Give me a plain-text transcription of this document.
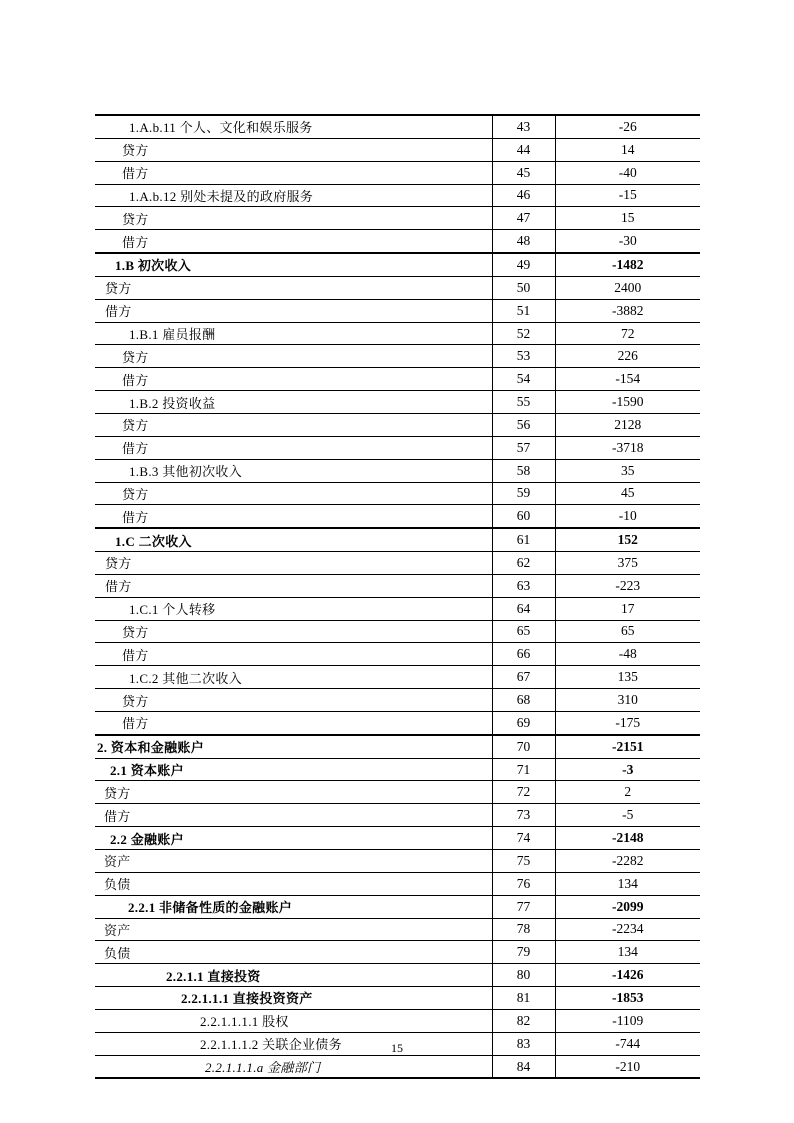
1.A.b.11 个人、文化和娱乐服务	43	-26
贷方	44	14
借方	45	-40
1.A.b.12 别处未提及的政府服务	46	-15
贷方	47	15
借方	48	-30
1.B 初次收入	49	-1482
贷方	50	2400
借方	51	-3882
1.B.1 雇员报酬	52	72
贷方	53	226
借方	54	-154
1.B.2 投资收益	55	-1590
贷方	56	2128
借方	57	-3718
1.B.3 其他初次收入	58	35
贷方	59	45
借方	60	-10
1.C 二次收入	61	152
贷方	62	375
借方	63	-223
1.C.1 个人转移	64	17
贷方	65	65
借方	66	-48
1.C.2 其他二次收入	67	135
贷方	68	310
借方	69	-175
2. 资本和金融账户	70	-2151
2.1 资本账户	71	-3
贷方	72	2
借方	73	-5
2.2 金融账户	74	-2148
资产	75	-2282
负债	76	134
2.2.1 非储备性质的金融账户	77	-2099
资产	78	-2234
负债	79	134
2.2.1.1 直接投资	80	-1426
2.2.1.1.1 直接投资资产	81	-1853
2.2.1.1.1.1 股权	82	-1109
2.2.1.1.1.2 关联企业债务	83	-744
2.2.1.1.1.a 金融部门	84	-210
15
